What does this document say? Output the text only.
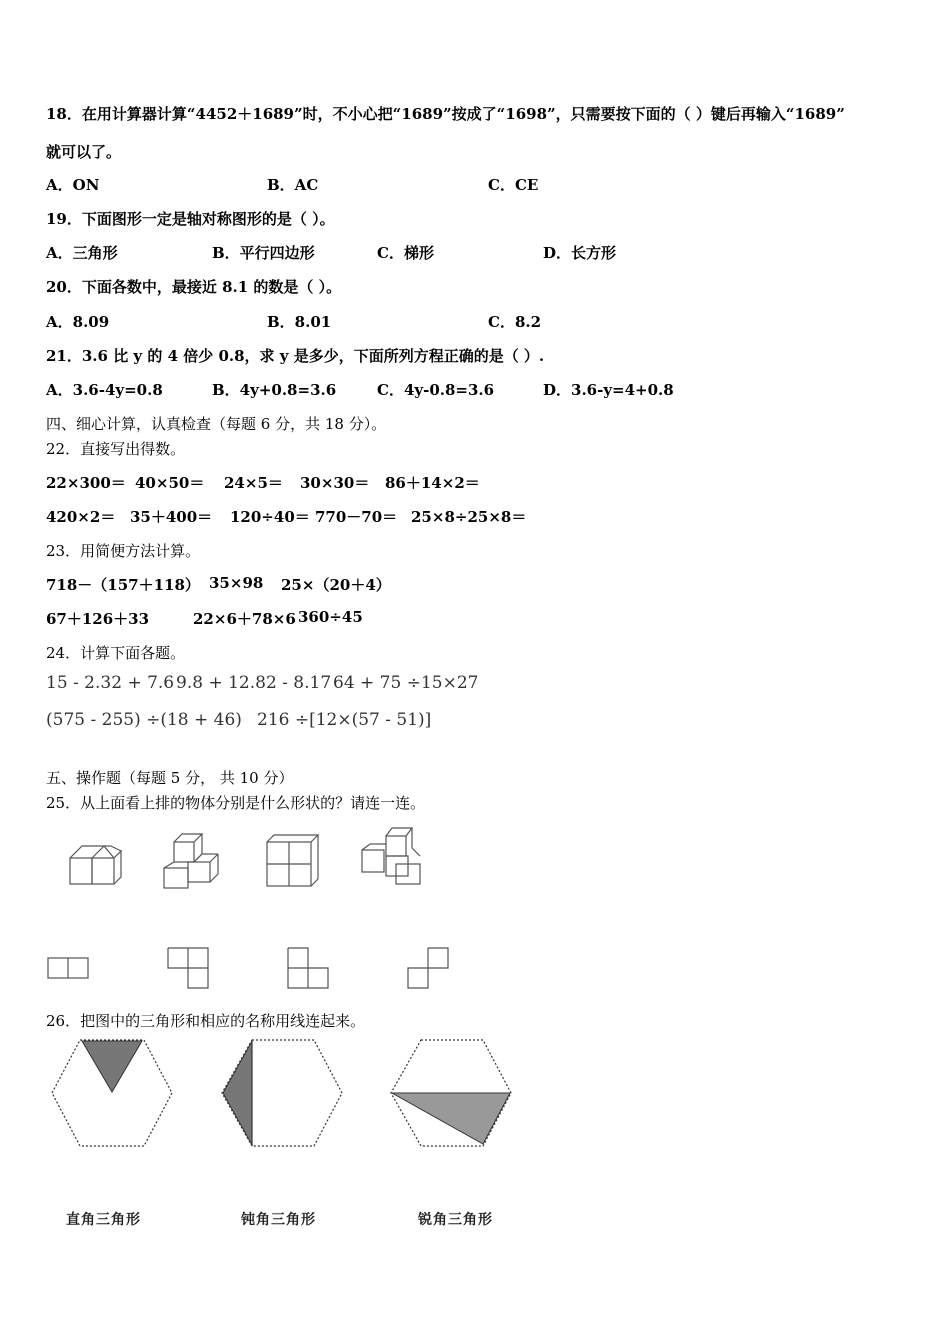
18．在用计算器计算“4452＋1689”时，不小心把“1689”按成了“1698”，只需要按下面的（ ）键后再输入“1689”
就可以了。
A．ON	B．AC	C．CE
19．下面图形一定是轴对称图形的是（ ）。
A．三角形	B．平行四边形	C．梯形	D．长方形
20．下面各数中，最接近 8.1 的数是（ ）。
A．8.09	B．8.01	C．8.2
21．3.6 比 y 的 4 倍少 0.8，求 y 是多少，下面所列方程正确的是（ ）.
A．3.6-4y=0.8	B．4y+0.8=3.6	C．4y-0.8=3.6	D．3.6-y=4+0.8
四、细心计算，认真检查（每题 6 分，共 18 分）。
22．直接写出得数。
22×300＝ 40×50＝ 24×5＝ 30×30＝ 86＋14×2＝
420×2＝ 35＋400＝ 120÷40＝ 770－70＝ 25×8÷25×8＝
23．用简便方法计算。
718－（157＋118） 35×98 25×（20＋4）
67＋126＋33	22×6＋78×6 360÷45
24．计算下面各题。
15 - 2.32 + 7.6 9.8 + 12.82 - 8.17 64 + 75 ÷15×27
(575 - 255) ÷(18 + 46) 216 ÷[12×(57 - 51)]
五、操作题（每题 5 分， 共 10 分）
25．从上面看上排的物体分别是什么形状的？请连一连。
26．把图中的三角形和相应的名称用线连起来。
直角三角形	钝角三角形	锐角三角形
